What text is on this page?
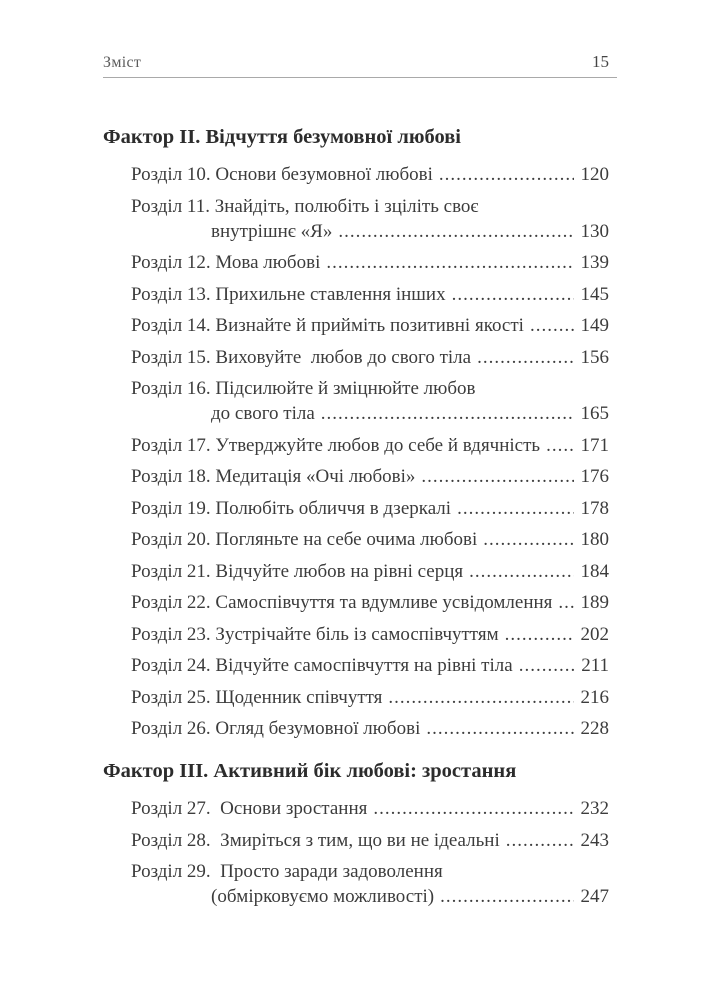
Зміст	15
Фактор ІІ. Відчуття безумовної любові
Розділ 10. Основи безумовної любові .....	120
Розділ 11. Знайдіть, полюбіть і зціліть своє
внутрішнє «Я» .....	130
Розділ 12. Мова любові .....	139
Розділ 13. Прихильне ставлення інших .....	145
Розділ 14. Визнайте й прийміть позитивні якості .....	149
Розділ 15. Виховуйте  любов до свого тіла .....	156
Розділ 16. Підсилюйте й зміцнюйте любов
до свого тіла .....	165
Розділ 17. Утверджуйте любов до себе й вдячність ..... 171
Розділ 18. Медитація «Очі любові» .....	176
Розділ 19. Полюбіть обличчя в дзеркалі .....	178
Розділ 20. Погляньте на себе очима любові .....	180
Розділ 21. Відчуйте любов на рівні серця .....	184
Розділ 22. Самоспівчуття та вдумливе усвідомлення ..... 189
Розділ 23. Зустрічайте біль із самоспівчуттям .....	202
Розділ 24. Відчуйте самоспівчуття на рівні тіла .....	211
Розділ 25. Щоденник співчуття .....	216
Розділ 26. Огляд безумовної любові .....	228
Фактор ІІІ. Активний бік любові: зростання
Розділ 27.  Основи зростання .....	232
Розділ 28.  Змиріться з тим, що ви не ідеальні .....	243
Розділ 29.  Просто заради задоволення
(обмірковуємо можливості) .....	247
